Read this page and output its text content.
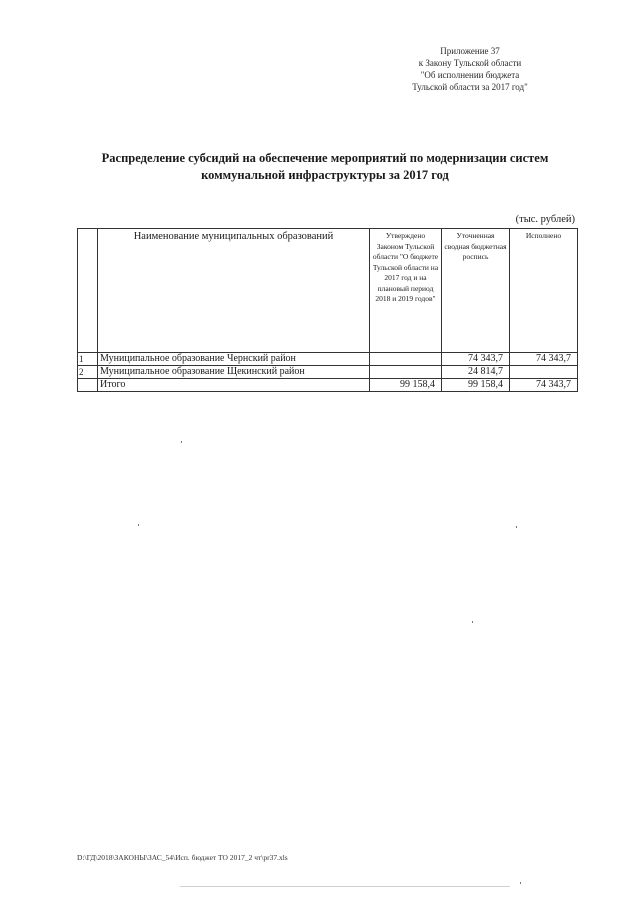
Приложение 37
к Закону Тульской области
"Об исполнении бюджета
Тульской области за 2017 год"
Распределение субсидий на обеспечение мероприятий по модернизации систем
коммунальной инфраструктуры за 2017 год
(тыс. рублей)
	Наименование муниципальных образований	Утверждено Законом Тульской области "О бюджете Тульской области на 2017 год и на плановый период 2018 и 2019 годов"	Уточненная сводная бюджетная роспись	Исполнено
1	Муниципальное образование Чернский район		74 343,7	74 343,7
2	Муниципальное образование Щекинский район		24 814,7	
	Итого	99 158,4	99 158,4	74 343,7
D:\ГД\2018\ЗАКОНЫ\ЗАС_54\Исп. бюджет ТО 2017_2 чт\pr37.xls
